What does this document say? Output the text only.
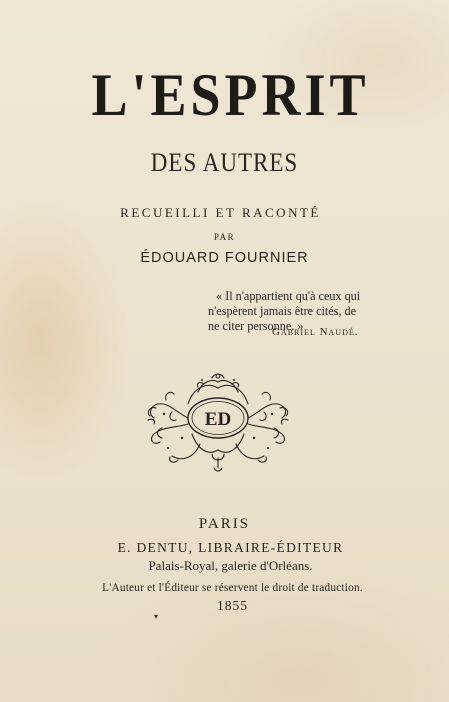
L'ESPRIT
DES AUTRES
RECUEILLI ET RACONTÉ
PAR
ÉDOUARD FOURNIER
« Il n'appartient qu'à ceux qui
n'espèrent jamais être cités, de
ne citer personne. »
Gabriel Naudé.
ED
PARIS
E. DENTU, LIBRAIRE-ÉDITEUR
Palais-Royal, galerie d'Orléans.
L'Auteur et l'Éditeur se réservent le droit de traduction.
1855
▾
